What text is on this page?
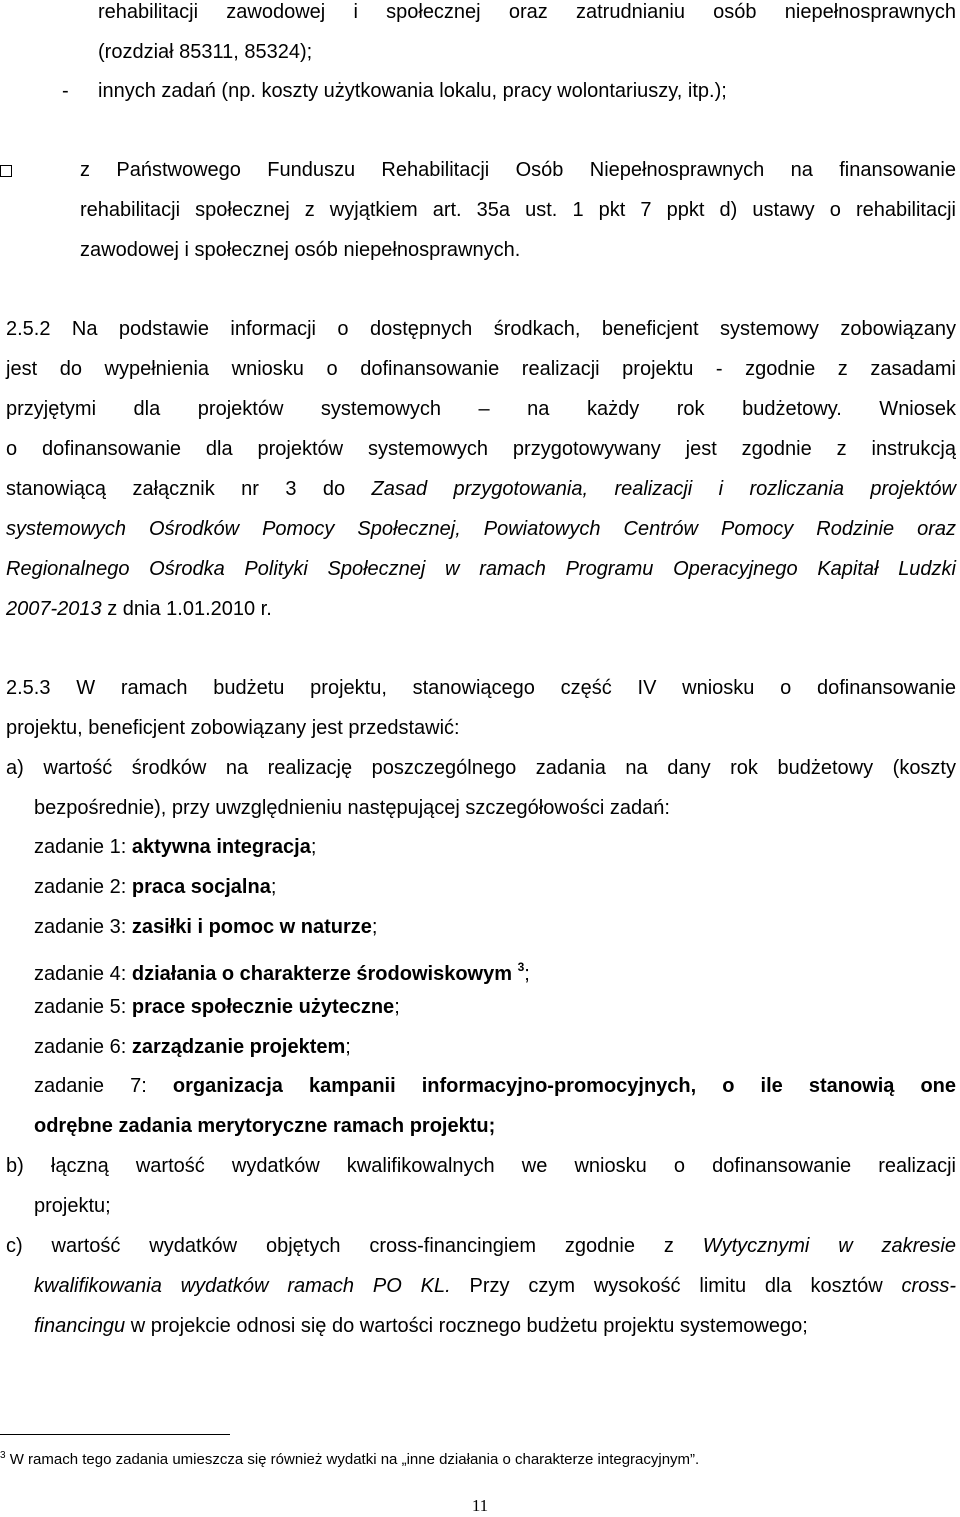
rehabilitacji zawodowej i społecznej oraz zatrudnianiu osób niepełnosprawnych
(rozdział 85311, 85324);
- innych zadań (np. koszty użytkowania lokalu, pracy wolontariuszy, itp.);
z Państwowego Funduszu Rehabilitacji Osób Niepełnosprawnych na finansowanie
rehabilitacji społecznej z wyjątkiem art. 35a ust. 1 pkt 7 ppkt d) ustawy o rehabilitacji
zawodowej i społecznej osób niepełnosprawnych.
2.5.2 Na podstawie informacji o dostępnych środkach, beneficjent systemowy zobowiązany
jest do wypełnienia wniosku o dofinansowanie realizacji projektu - zgodnie z zasadami
przyjętymi dla projektów systemowych – na każdy rok budżetowy. Wniosek
o dofinansowanie dla projektów systemowych przygotowywany jest zgodnie z instrukcją
stanowiącą załącznik nr 3 do Zasad przygotowania, realizacji i rozliczania projektów
systemowych Ośrodków Pomocy Społecznej, Powiatowych Centrów Pomocy Rodzinie oraz
Regionalnego Ośrodka Polityki Społecznej w ramach Programu Operacyjnego Kapitał Ludzki
2007-2013 z dnia 1.01.2010 r.
2.5.3 W ramach budżetu projektu, stanowiącego część IV wniosku o dofinansowanie
projektu, beneficjent zobowiązany jest przedstawić:
a) wartość środków na realizację poszczególnego zadania na dany rok budżetowy (koszty
bezpośrednie), przy uwzględnieniu następującej szczegółowości zadań:
zadanie 1: aktywna integracja;
zadanie 2: praca socjalna;
zadanie 3: zasiłki i pomoc w naturze;
zadanie 4: działania o charakterze środowiskowym $^3$;
zadanie 5: prace społecznie użyteczne;
zadanie 6: zarządzanie projektem;
zadanie 7: organizacja kampanii informacyjno-promocyjnych, o ile stanowią one
odrębne zadania merytoryczne ramach projektu;
b) łączną wartość wydatków kwalifikowalnych we wniosku o dofinansowanie realizacji
projektu;
c) wartość wydatków objętych cross-financingiem zgodnie z Wytycznymi w zakresie
kwalifikowania wydatków ramach PO KL. Przy czym wysokość limitu dla kosztów cross-
financingu w projekcie odnosi się do wartości rocznego budżetu projektu systemowego;
$^3$ W ramach tego zadania umieszcza się również wydatki na „inne działania o charakterze integracyjnym”.
11
